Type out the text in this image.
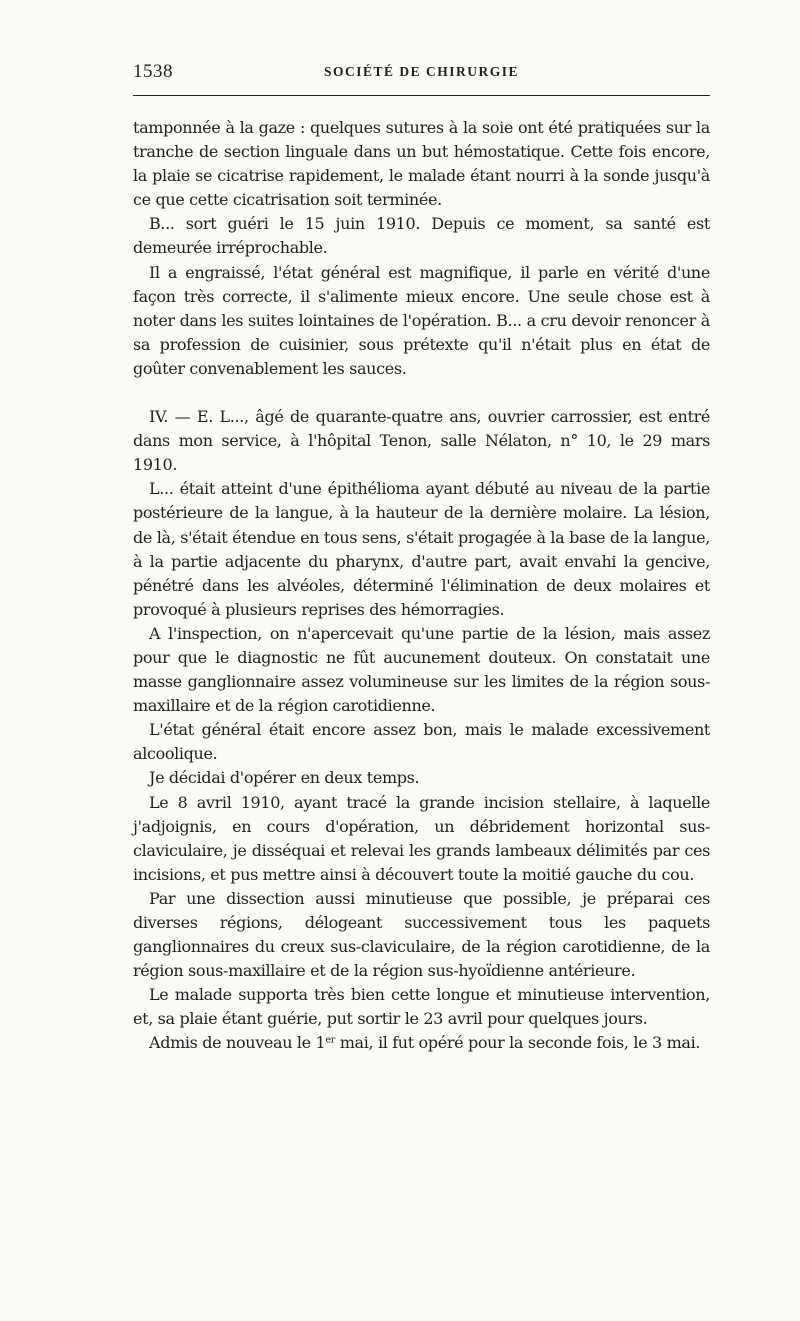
1538	SOCIÉTÉ DE CHIRURGIE

tamponnée à la gaze : quelques sutures à la soie ont été pratiquées sur la tranche de section linguale dans un but hémostatique. Cette fois encore, la plaie se cicatrise rapidement, le malade étant nourri à la sonde jusqu'à ce que cette cicatrisation soit terminée.

B... sort guéri le 15 juin 1910. Depuis ce moment, sa santé est demeurée irréprochable.

Il a engraissé, l'état général est magnifique, il parle en vérité d'une façon très correcte, il s'alimente mieux encore. Une seule chose est à noter dans les suites lointaines de l'opération. B... a cru devoir renoncer à sa profession de cuisinier, sous prétexte qu'il n'était plus en état de goûter convenablement les sauces.

IV. — E. L..., âgé de quarante-quatre ans, ouvrier carrossier, est entré dans mon service, à l'hôpital Tenon, salle Nélaton, n° 10, le 29 mars 1910.

L... était atteint d'une épithélioma ayant débuté au niveau de la partie postérieure de la langue, à la hauteur de la dernière molaire. La lésion, de là, s'était étendue en tous sens, s'était progagée à la base de la langue, à la partie adjacente du pharynx, d'autre part, avait envahi la gencive, pénétré dans les alvéoles, déterminé l'élimination de deux molaires et provoqué à plusieurs reprises des hémorragies.

A l'inspection, on n'apercevait qu'une partie de la lésion, mais assez pour que le diagnostic ne fût aucunement douteux. On constatait une masse ganglionnaire assez volumineuse sur les limites de la région sous-maxillaire et de la région carotidienne.

L'état général était encore assez bon, mais le malade excessivement alcoolique.

Je décidai d'opérer en deux temps.

Le 8 avril 1910, ayant tracé la grande incision stellaire, à laquelle j'adjoignis, en cours d'opération, un débridement horizontal sus-claviculaire, je disséquai et relevai les grands lambeaux délimités par ces incisions, et pus mettre ainsi à découvert toute la moitié gauche du cou.

Par une dissection aussi minutieuse que possible, je préparai ces diverses régions, délogeant successivement tous les paquets ganglionnaires du creux sus-claviculaire, de la région carotidienne, de la région sous-maxillaire et de la région sus-hyoïdienne antérieure.

Le malade supporta très bien cette longue et minutieuse intervention, et, sa plaie étant guérie, put sortir le 23 avril pour quelques jours.

Admis de nouveau le 1er mai, il fut opéré pour la seconde fois, le 3 mai.
